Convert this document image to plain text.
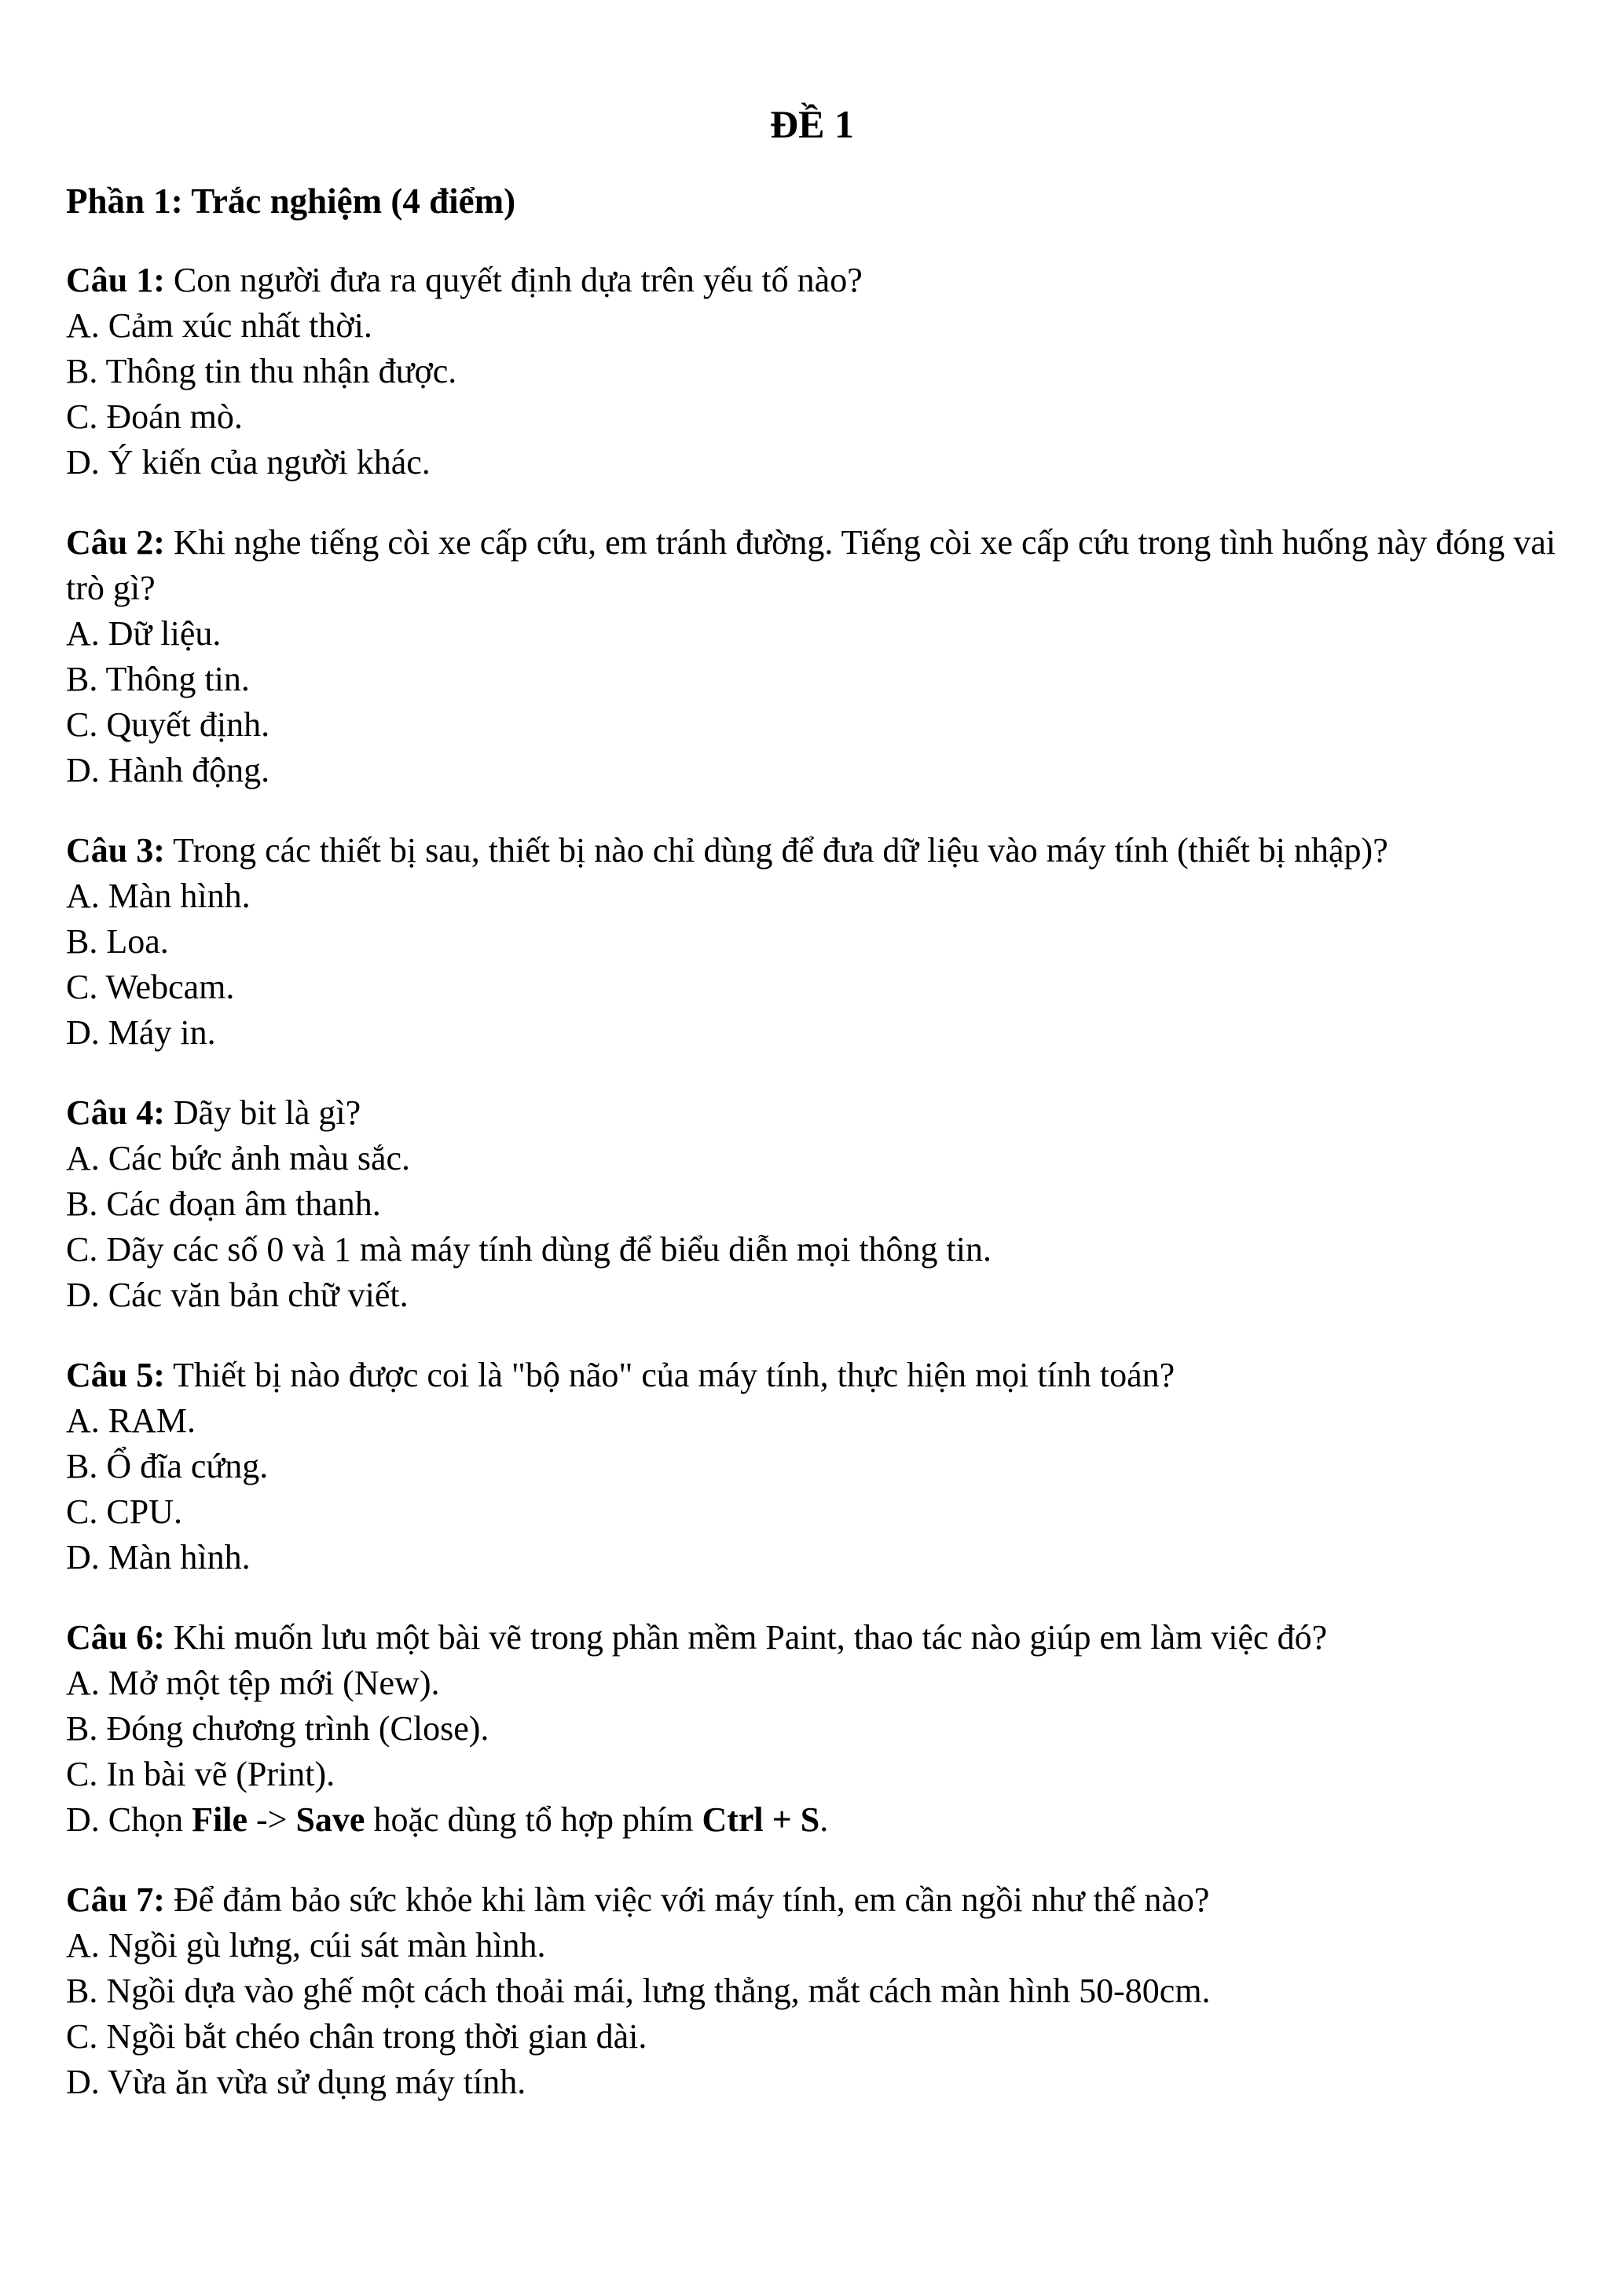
ĐỀ 1
Phần 1: Trắc nghiệm (4 điểm)

Câu 1: Con người đưa ra quyết định dựa trên yếu tố nào?

A. Cảm xúc nhất thời.

B. Thông tin thu nhận được.

C. Đoán mò.

D. Ý kiến của người khác.

Câu 2: Khi nghe tiếng còi xe cấp cứu, em tránh đường. Tiếng còi xe cấp cứu trong tình huống này đóng vai trò gì?

A. Dữ liệu.

B. Thông tin.

C. Quyết định.

D. Hành động.

Câu 3: Trong các thiết bị sau, thiết bị nào chỉ dùng để đưa dữ liệu vào máy tính (thiết bị nhập)?

A. Màn hình.

B. Loa.

C. Webcam.

D. Máy in.

Câu 4: Dãy bit là gì?

A. Các bức ảnh màu sắc.

B. Các đoạn âm thanh.

C. Dãy các số 0 và 1 mà máy tính dùng để biểu diễn mọi thông tin.

D. Các văn bản chữ viết.

Câu 5: Thiết bị nào được coi là "bộ não" của máy tính, thực hiện mọi tính toán?

A. RAM.

B. Ổ đĩa cứng.

C. CPU.

D. Màn hình.

Câu 6: Khi muốn lưu một bài vẽ trong phần mềm Paint, thao tác nào giúp em làm việc đó?

A. Mở một tệp mới (New).

B. Đóng chương trình (Close).

C. In bài vẽ (Print).

D. Chọn File -> Save hoặc dùng tổ hợp phím Ctrl + S.

Câu 7: Để đảm bảo sức khỏe khi làm việc với máy tính, em cần ngồi như thế nào?

A. Ngồi gù lưng, cúi sát màn hình.

B. Ngồi dựa vào ghế một cách thoải mái, lưng thẳng, mắt cách màn hình 50-80cm.

C. Ngồi bắt chéo chân trong thời gian dài.

D. Vừa ăn vừa sử dụng máy tính.
